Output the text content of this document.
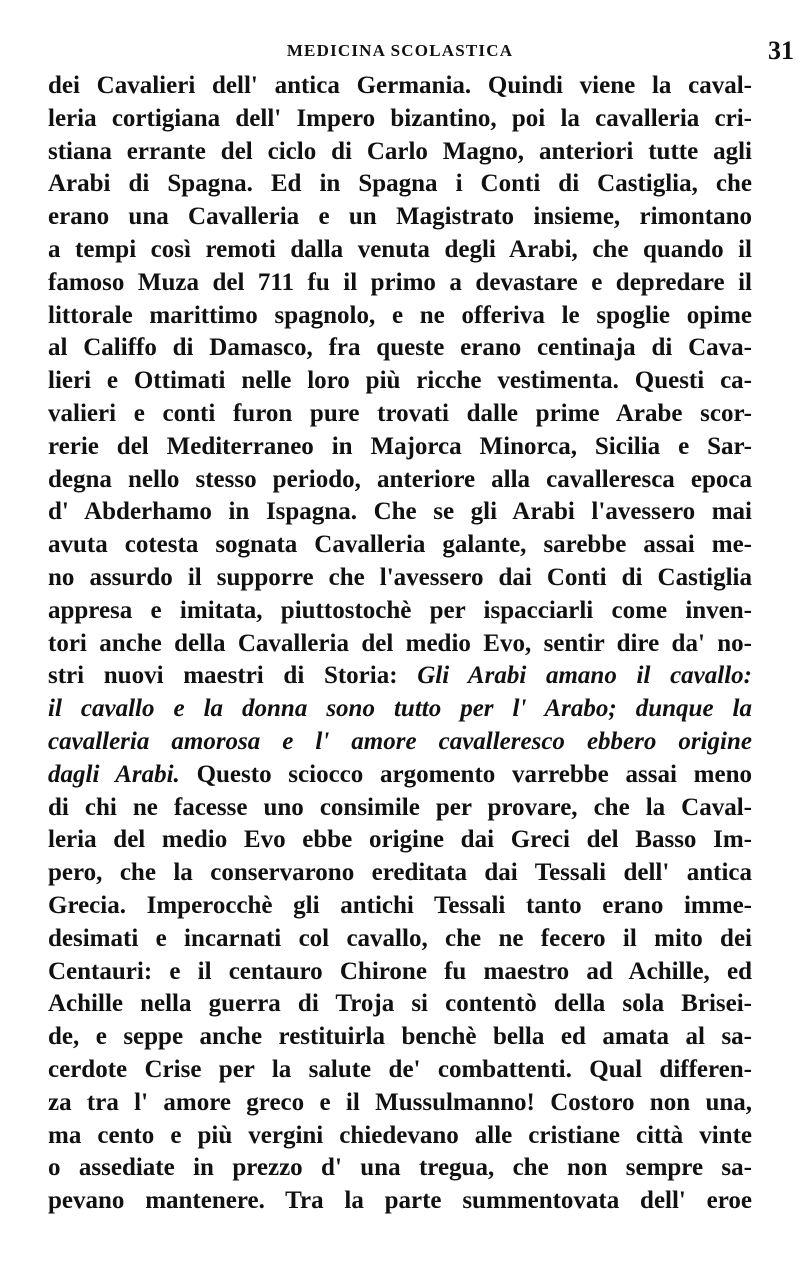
MEDICINA SCOLASTICA	31
dei Cavalieri dell' antica Germania. Quindi viene la caval-
leria cortigiana dell' Impero bizantino, poi la cavalleria cri-
stiana errante del ciclo di Carlo Magno, anteriori tutte agli
Arabi di Spagna. Ed in Spagna i Conti di Castiglia, che
erano una Cavalleria e un Magistrato insieme, rimontano
a tempi così remoti dalla venuta degli Arabi, che quando il
famoso Muza del 711 fu il primo a devastare e depredare il
littorale marittimo spagnolo, e ne offeriva le spoglie opime
al Califfo di Damasco, fra queste erano centinaja di Cava-
lieri e Ottimati nelle loro più ricche vestimenta. Questi ca-
valieri e conti furon pure trovati dalle prime Arabe scor-
rerie del Mediterraneo in Majorca Minorca, Sicilia e Sar-
degna nello stesso periodo, anteriore alla cavalleresca epoca
d' Abderhamo in Ispagna. Che se gli Arabi l'avessero mai
avuta cotesta sognata Cavalleria galante, sarebbe assai me-
no assurdo il supporre che l'avessero dai Conti di Castiglia
appresa e imitata, piuttostochè per ispacciarli come inven-
tori anche della Cavalleria del medio Evo, sentir dire da' no-
stri nuovi maestri di Storia: Gli Arabi amano il cavallo:
il cavallo e la donna sono tutto per l' Arabo; dunque la
cavalleria amorosa e l' amore cavalleresco ebbero origine
dagli Arabi. Questo sciocco argomento varrebbe assai meno
di chi ne facesse uno consimile per provare, che la Caval-
leria del medio Evo ebbe origine dai Greci del Basso Im-
pero, che la conservarono ereditata dai Tessali dell' antica
Grecia. Imperocchè gli antichi Tessali tanto erano imme-
desimati e incarnati col cavallo, che ne fecero il mito dei
Centauri: e il centauro Chirone fu maestro ad Achille, ed
Achille nella guerra di Troja si contentò della sola Brisei-
de, e seppe anche restituirla benchè bella ed amata al sa-
cerdote Crise per la salute de' combattenti. Qual differen-
za tra l' amore greco e il Mussulmanno! Costoro non una,
ma cento e più vergini chiedevano alle cristiane città vinte
o assediate in prezzo d' una tregua, che non sempre sa-
pevano mantenere. Tra la parte summentovata dell' eroe
